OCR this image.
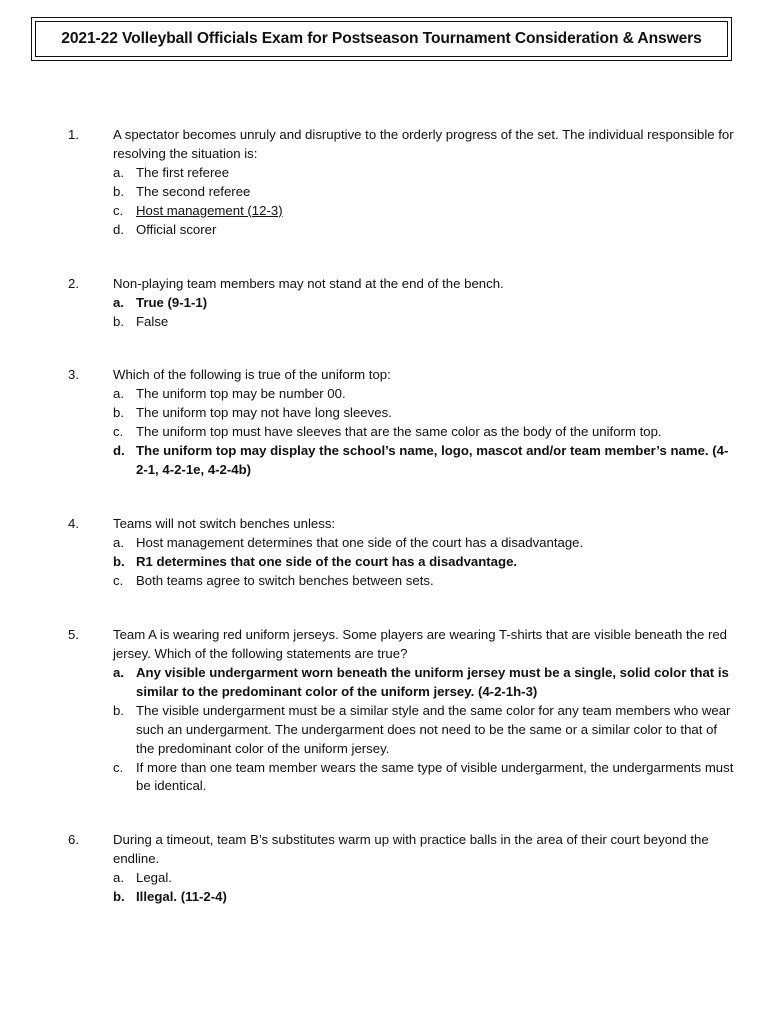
2021-22 Volleyball Officials Exam for Postseason Tournament Consideration & Answers
1.	A spectator becomes unruly and disruptive to the orderly progress of the set. The individual responsible for resolving the situation is:
a. The first referee
b. The second referee
c. Host management (12-3)
d. Official scorer
2.	Non-playing team members may not stand at the end of the bench.
a. True (9-1-1)
b. False
3.	Which of the following is true of the uniform top:
a. The uniform top may be number 00.
b. The uniform top may not have long sleeves.
c. The uniform top must have sleeves that are the same color as the body of the uniform top.
d. The uniform top may display the school’s name, logo, mascot and/or team member’s name. (4-2-1, 4-2-1e, 4-2-4b)
4.	Teams will not switch benches unless:
a. Host management determines that one side of the court has a disadvantage.
b. R1 determines that one side of the court has a disadvantage.
c. Both teams agree to switch benches between sets.
5.	Team A is wearing red uniform jerseys. Some players are wearing T-shirts that are visible beneath the red jersey. Which of the following statements are true?
a. Any visible undergarment worn beneath the uniform jersey must be a single, solid color that is similar to the predominant color of the uniform jersey. (4-2-1h-3)
b. The visible undergarment must be a similar style and the same color for any team members who wear such an undergarment. The undergarment does not need to be the same or a similar color to that of the predominant color of the uniform jersey.
c. If more than one team member wears the same type of visible undergarment, the undergarments must be identical.
6.	During a timeout, team B’s substitutes warm up with practice balls in the area of their court beyond the endline.
a. Legal.
b. Illegal. (11-2-4)
